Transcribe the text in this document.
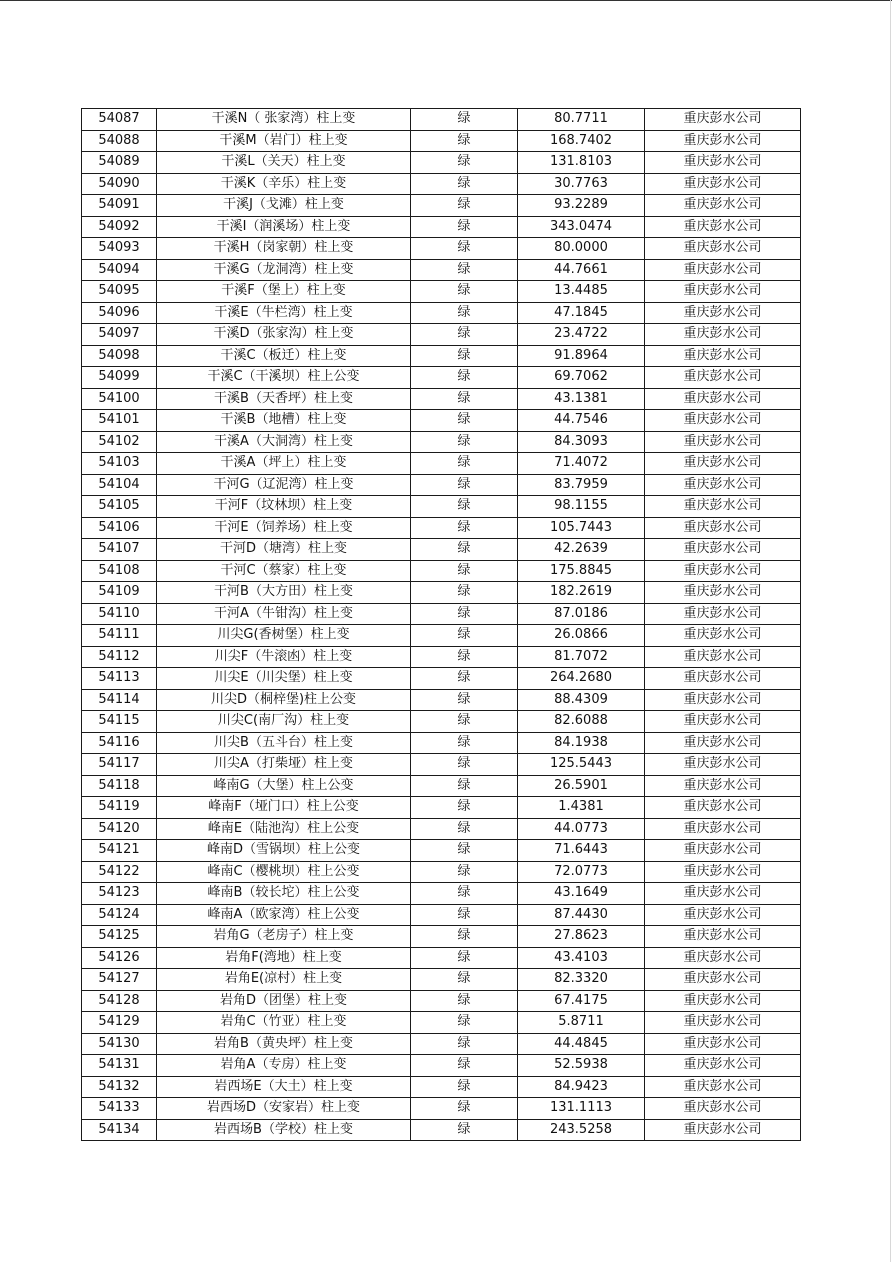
54087	干溪N（ 张家湾）柱上变	绿	80.7711	重庆彭水公司
54088	干溪M（岩门）柱上变	绿	168.7402	重庆彭水公司
54089	干溪L（关天）柱上变	绿	131.8103	重庆彭水公司
54090	干溪K（辛乐）柱上变	绿	30.7763	重庆彭水公司
54091	干溪J（戈滩）柱上变	绿	93.2289	重庆彭水公司
54092	干溪I（润溪场）柱上变	绿	343.0474	重庆彭水公司
54093	干溪H（岗家朝）柱上变	绿	80.0000	重庆彭水公司
54094	干溪G（龙洞湾）柱上变	绿	44.7661	重庆彭水公司
54095	干溪F（堡上）柱上变	绿	13.4485	重庆彭水公司
54096	干溪E（牛栏湾）柱上变	绿	47.1845	重庆彭水公司
54097	干溪D（张家沟）柱上变	绿	23.4722	重庆彭水公司
54098	干溪C（板迁）柱上变	绿	91.8964	重庆彭水公司
54099	干溪C（干溪坝）柱上公变	绿	69.7062	重庆彭水公司
54100	干溪B（天香坪）柱上变	绿	43.1381	重庆彭水公司
54101	干溪B（地槽）柱上变	绿	44.7546	重庆彭水公司
54102	干溪A（大洞湾）柱上变	绿	84.3093	重庆彭水公司
54103	干溪A（坪上）柱上变	绿	71.4072	重庆彭水公司
54104	干河G（辽泥湾）柱上变	绿	83.7959	重庆彭水公司
54105	干河F（坟林坝）柱上变	绿	98.1155	重庆彭水公司
54106	干河E（饲养场）柱上变	绿	105.7443	重庆彭水公司
54107	干河D（塘湾）柱上变	绿	42.2639	重庆彭水公司
54108	干河C（蔡家）柱上变	绿	175.8845	重庆彭水公司
54109	干河B（大方田）柱上变	绿	182.2619	重庆彭水公司
54110	干河A（牛钳沟）柱上变	绿	87.0186	重庆彭水公司
54111	川尖G(香树堡）柱上变	绿	26.0866	重庆彭水公司
54112	川尖F（牛滚凼）柱上变	绿	81.7072	重庆彭水公司
54113	川尖E（川尖堡）柱上变	绿	264.2680	重庆彭水公司
54114	川尖D（桐梓堡)柱上公变	绿	88.4309	重庆彭水公司
54115	川尖C(南厂沟）柱上变	绿	82.6088	重庆彭水公司
54116	川尖B（五斗台）柱上变	绿	84.1938	重庆彭水公司
54117	川尖A（打柴垭）柱上变	绿	125.5443	重庆彭水公司
54118	峰南G（大堡）柱上公变	绿	26.5901	重庆彭水公司
54119	峰南F（垭门口）柱上公变	绿	1.4381	重庆彭水公司
54120	峰南E（陆池沟）柱上公变	绿	44.0773	重庆彭水公司
54121	峰南D（雪锅坝）柱上公变	绿	71.6443	重庆彭水公司
54122	峰南C（樱桃坝）柱上公变	绿	72.0773	重庆彭水公司
54123	峰南B（较长坨）柱上公变	绿	43.1649	重庆彭水公司
54124	峰南A（欧家湾）柱上公变	绿	87.4430	重庆彭水公司
54125	岩角G（老房子）柱上变	绿	27.8623	重庆彭水公司
54126	岩角F(湾地）柱上变	绿	43.4103	重庆彭水公司
54127	岩角E(凉村）柱上变	绿	82.3320	重庆彭水公司
54128	岩角D（团堡）柱上变	绿	67.4175	重庆彭水公司
54129	岩角C（竹亚）柱上变	绿	5.8711	重庆彭水公司
54130	岩角B（黄央坪）柱上变	绿	44.4845	重庆彭水公司
54131	岩角A（专房）柱上变	绿	52.5938	重庆彭水公司
54132	岩西场E（大土）柱上变	绿	84.9423	重庆彭水公司
54133	岩西场D（安家岩）柱上变	绿	131.1113	重庆彭水公司
54134	岩西场B（学校）柱上变	绿	243.5258	重庆彭水公司
